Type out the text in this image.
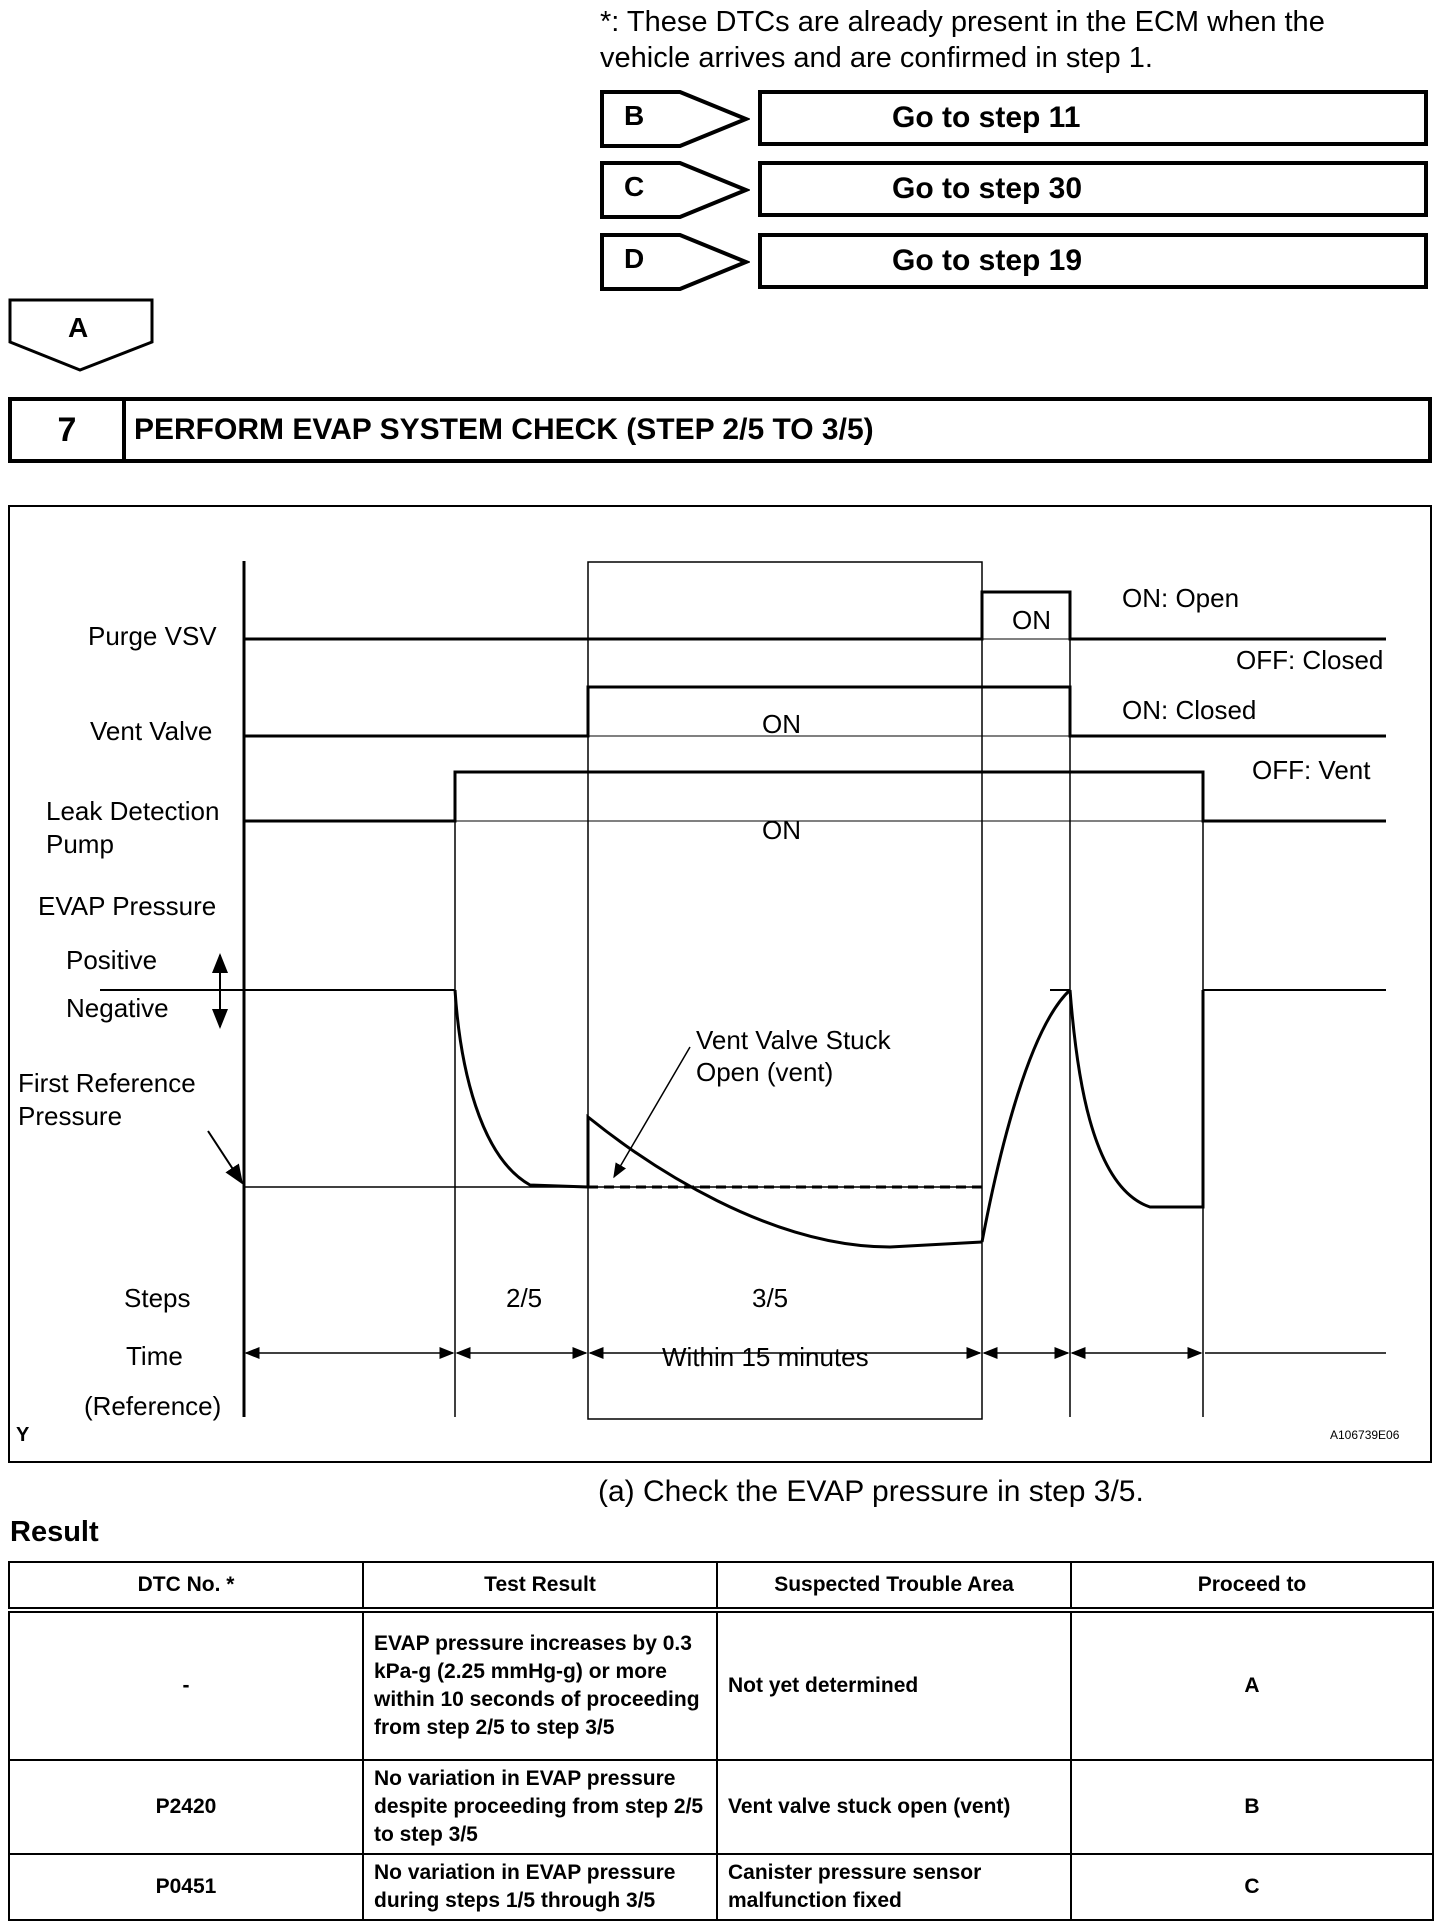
*: These DTCs are already present in the ECM when the vehicle arrives and are confirmed in step 1.
B	Go to step 11
C	Go to step 30
D	Go to step 19
A
7	PERFORM EVAP SYSTEM CHECK (STEP 2/5 TO 3/5)
Purge VSV
Vent Valve
Leak Detection
Pump
EVAP Pressure
Positive
Negative
First Reference
Pressure
Steps
Time
(Reference)
ON: Open
OFF: Closed
ON: Closed
OFF: Vent
ON
ON
ON
Vent Valve Stuck
Open (vent)
2/5	3/5
Within 15 minutes
Y	A106739E06
(a) Check the EVAP pressure in step 3/5.
Result
DTC No. *	Test Result	Suspected Trouble Area	Proceed to
-	EVAP pressure increases by 0.3 kPa-g (2.25 mmHg-g) or more within 10 seconds of proceeding from step 2/5 to step 3/5	Not yet determined	A
P2420	No variation in EVAP pressure despite proceeding from step 2/5 to step 3/5	Vent valve stuck open (vent)	B
P0451	No variation in EVAP pressure during steps 1/5 through 3/5	Canister pressure sensor malfunction fixed	C
